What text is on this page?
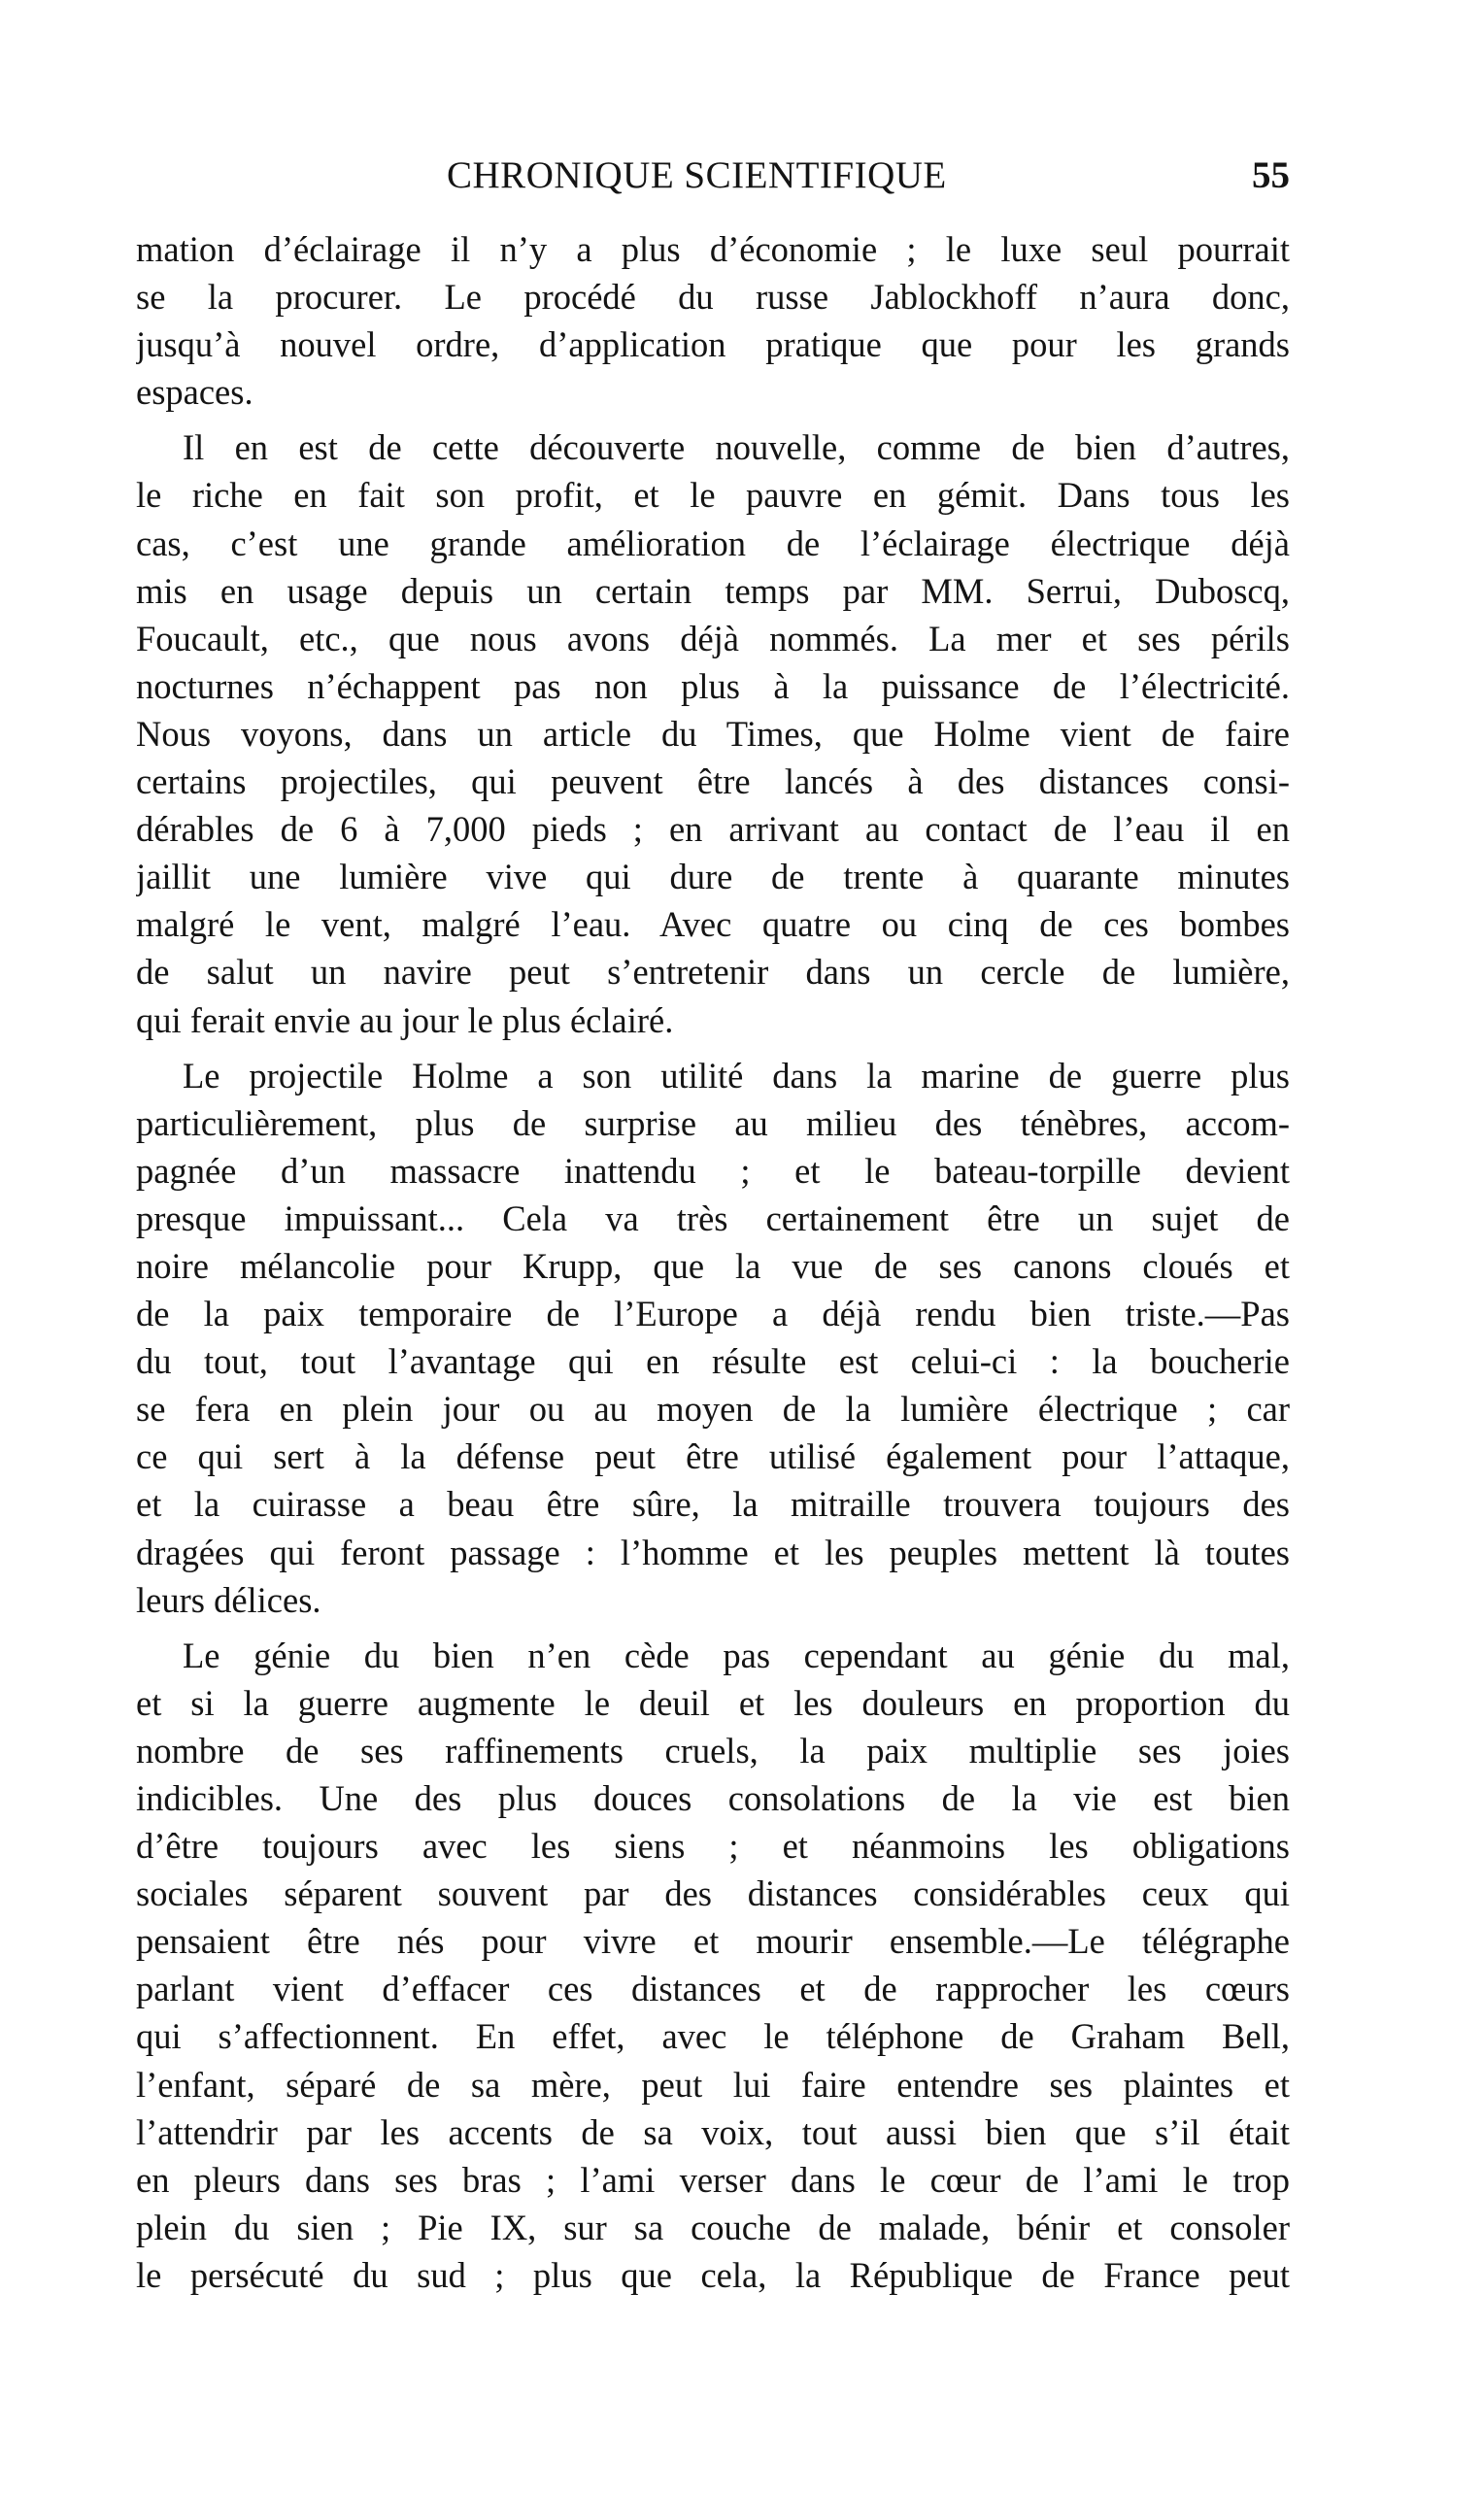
CHRONIQUE SCIENTIFIQUE	55
mation d’éclairage il n’y a plus d’économie ; le luxe seul pourrait
se la procurer. Le procédé du russe Jablockhoff n’aura donc,
jusqu’à nouvel ordre, d’application pratique que pour les grands
espaces.
Il en est de cette découverte nouvelle, comme de bien d’autres,
le riche en fait son profit, et le pauvre en gémit. Dans tous les
cas, c’est une grande amélioration de l’éclairage électrique déjà
mis en usage depuis un certain temps par MM. Serrui, Duboscq,
Foucault, etc., que nous avons déjà nommés. La mer et ses périls
nocturnes n’échappent pas non plus à la puissance de l’électricité.
Nous voyons, dans un article du Times, que Holme vient de faire
certains projectiles, qui peuvent être lancés à des distances consi-
dérables de 6 à 7,000 pieds ; en arrivant au contact de l’eau il en
jaillit une lumière vive qui dure de trente à quarante minutes
malgré le vent, malgré l’eau. Avec quatre ou cinq de ces bombes
de salut un navire peut s’entretenir dans un cercle de lumière,
qui ferait envie au jour le plus éclairé.
Le projectile Holme a son utilité dans la marine de guerre plus
particulièrement, plus de surprise au milieu des ténèbres, accom-
pagnée d’un massacre inattendu ; et le bateau-torpille devient
presque impuissant... Cela va très certainement être un sujet de
noire mélancolie pour Krupp, que la vue de ses canons cloués et
de la paix temporaire de l’Europe a déjà rendu bien triste.—Pas
du tout, tout l’avantage qui en résulte est celui-ci : la boucherie
se fera en plein jour ou au moyen de la lumière électrique ; car
ce qui sert à la défense peut être utilisé également pour l’attaque,
et la cuirasse a beau être sûre, la mitraille trouvera toujours des
dragées qui feront passage : l’homme et les peuples mettent là toutes
leurs délices.
Le génie du bien n’en cède pas cependant au génie du mal,
et si la guerre augmente le deuil et les douleurs en proportion du
nombre de ses raffinements cruels, la paix multiplie ses joies
indicibles. Une des plus douces consolations de la vie est bien
d’être toujours avec les siens ; et néanmoins les obligations
sociales séparent souvent par des distances considérables ceux qui
pensaient être nés pour vivre et mourir ensemble.—Le télégraphe
parlant vient d’effacer ces distances et de rapprocher les cœurs
qui s’affectionnent. En effet, avec le téléphone de Graham Bell,
l’enfant, séparé de sa mère, peut lui faire entendre ses plaintes et
l’attendrir par les accents de sa voix, tout aussi bien que s’il était
en pleurs dans ses bras ; l’ami verser dans le cœur de l’ami le trop
plein du sien ; Pie IX, sur sa couche de malade, bénir et consoler
le persécuté du sud ; plus que cela, la République de France peut
